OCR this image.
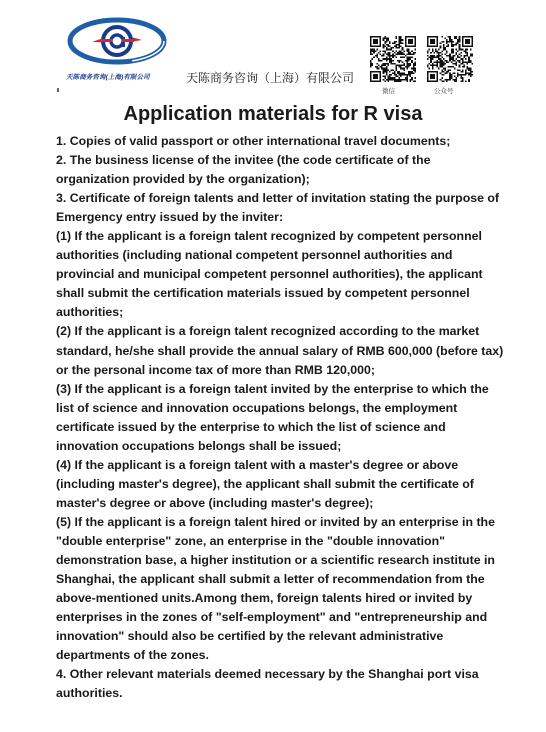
天陈商务咨询(上海)有限公司	天陈商务咨询（上海）有限公司
微信	公众号
Application materials for R visa

1. Copies of valid passport or other international travel documents;

2. The business license of the invitee (the code certificate of the organization provided by the organization);

3. Certificate of foreign talents and letter of invitation stating the purpose of Emergency entry issued by the inviter:

(1) If the applicant is a foreign talent recognized by competent personnel authorities (including national competent personnel authorities and provincial and municipal competent personnel authorities), the applicant shall submit the certification materials issued by competent personnel authorities;

(2) If the applicant is a foreign talent recognized according to the market standard, he/she shall provide the annual salary of RMB 600,000 (before tax) or the personal income tax of more than RMB 120,000;

(3) If the applicant is a foreign talent invited by the enterprise to which the list of science and innovation occupations belongs, the employment certificate issued by the enterprise to which the list of science and innovation occupations belongs shall be issued;

(4) If the applicant is a foreign talent with a master's degree or above (including master's degree), the applicant shall submit the certificate of master's degree or above (including master's degree);

(5) If the applicant is a foreign talent hired or invited by an enterprise in the "double enterprise" zone, an enterprise in the "double innovation" demonstration base, a higher institution or a scientific research institute in Shanghai, the applicant shall submit a letter of recommendation from the above-mentioned units.Among them, foreign talents hired or invited by enterprises in the zones of "self-employment" and "entrepreneurship and innovation" should also be certified by the relevant administrative departments of the zones.

4. Other relevant materials deemed necessary by the Shanghai port visa authorities.
